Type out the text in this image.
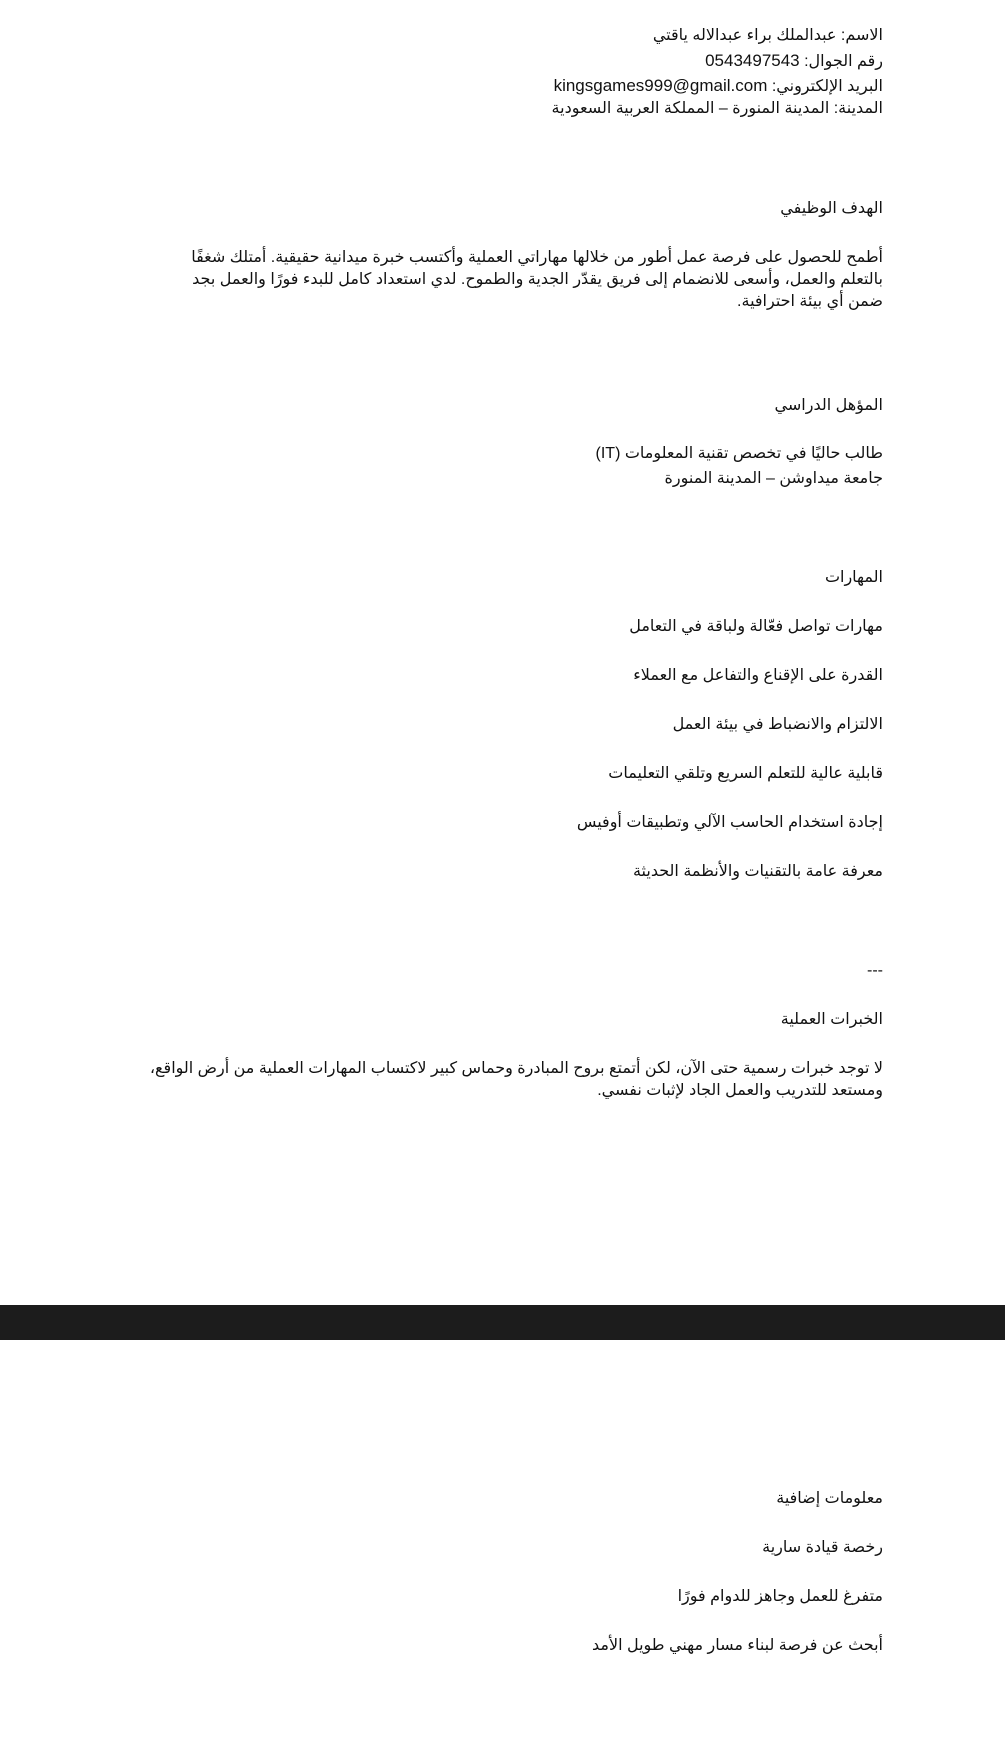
الاسم: عبدالملك براء عبدالاله ياقتي

رقم الجوال: 0543497543

البريد الإلكتروني: kingsgames999@gmail.com

المدينة: المدينة المنورة – المملكة العربية السعودية

الهدف الوظيفي

أطمح للحصول على فرصة عمل أطور من خلالها مهاراتي العملية وأكتسب خبرة ميدانية حقيقية. أمتلك شغفًا بالتعلم والعمل، وأسعى للانضمام إلى فريق يقدّر الجدية والطموح. لدي استعداد كامل للبدء فورًا والعمل بجد ضمن أي بيئة احترافية.

المؤهل الدراسي

طالب حاليًا في تخصص تقنية المعلومات (IT)

جامعة ميداوشن – المدينة المنورة

المهارات

مهارات تواصل فعّالة ولباقة في التعامل
القدرة على الإقناع والتفاعل مع العملاء
الالتزام والانضباط في بيئة العمل
قابلية عالية للتعلم السريع وتلقي التعليمات
إجادة استخدام الحاسب الآلي وتطبيقات أوفيس
معرفة عامة بالتقنيات والأنظمة الحديثة

---

الخبرات العملية

لا توجد خبرات رسمية حتى الآن، لكن أتمتع بروح المبادرة وحماس كبير لاكتساب المهارات العملية من أرض الواقع، ومستعد للتدريب والعمل الجاد لإثبات نفسي.

معلومات إضافية

رخصة قيادة سارية
متفرغ للعمل وجاهز للدوام فورًا
أبحث عن فرصة لبناء مسار مهني طويل الأمد
